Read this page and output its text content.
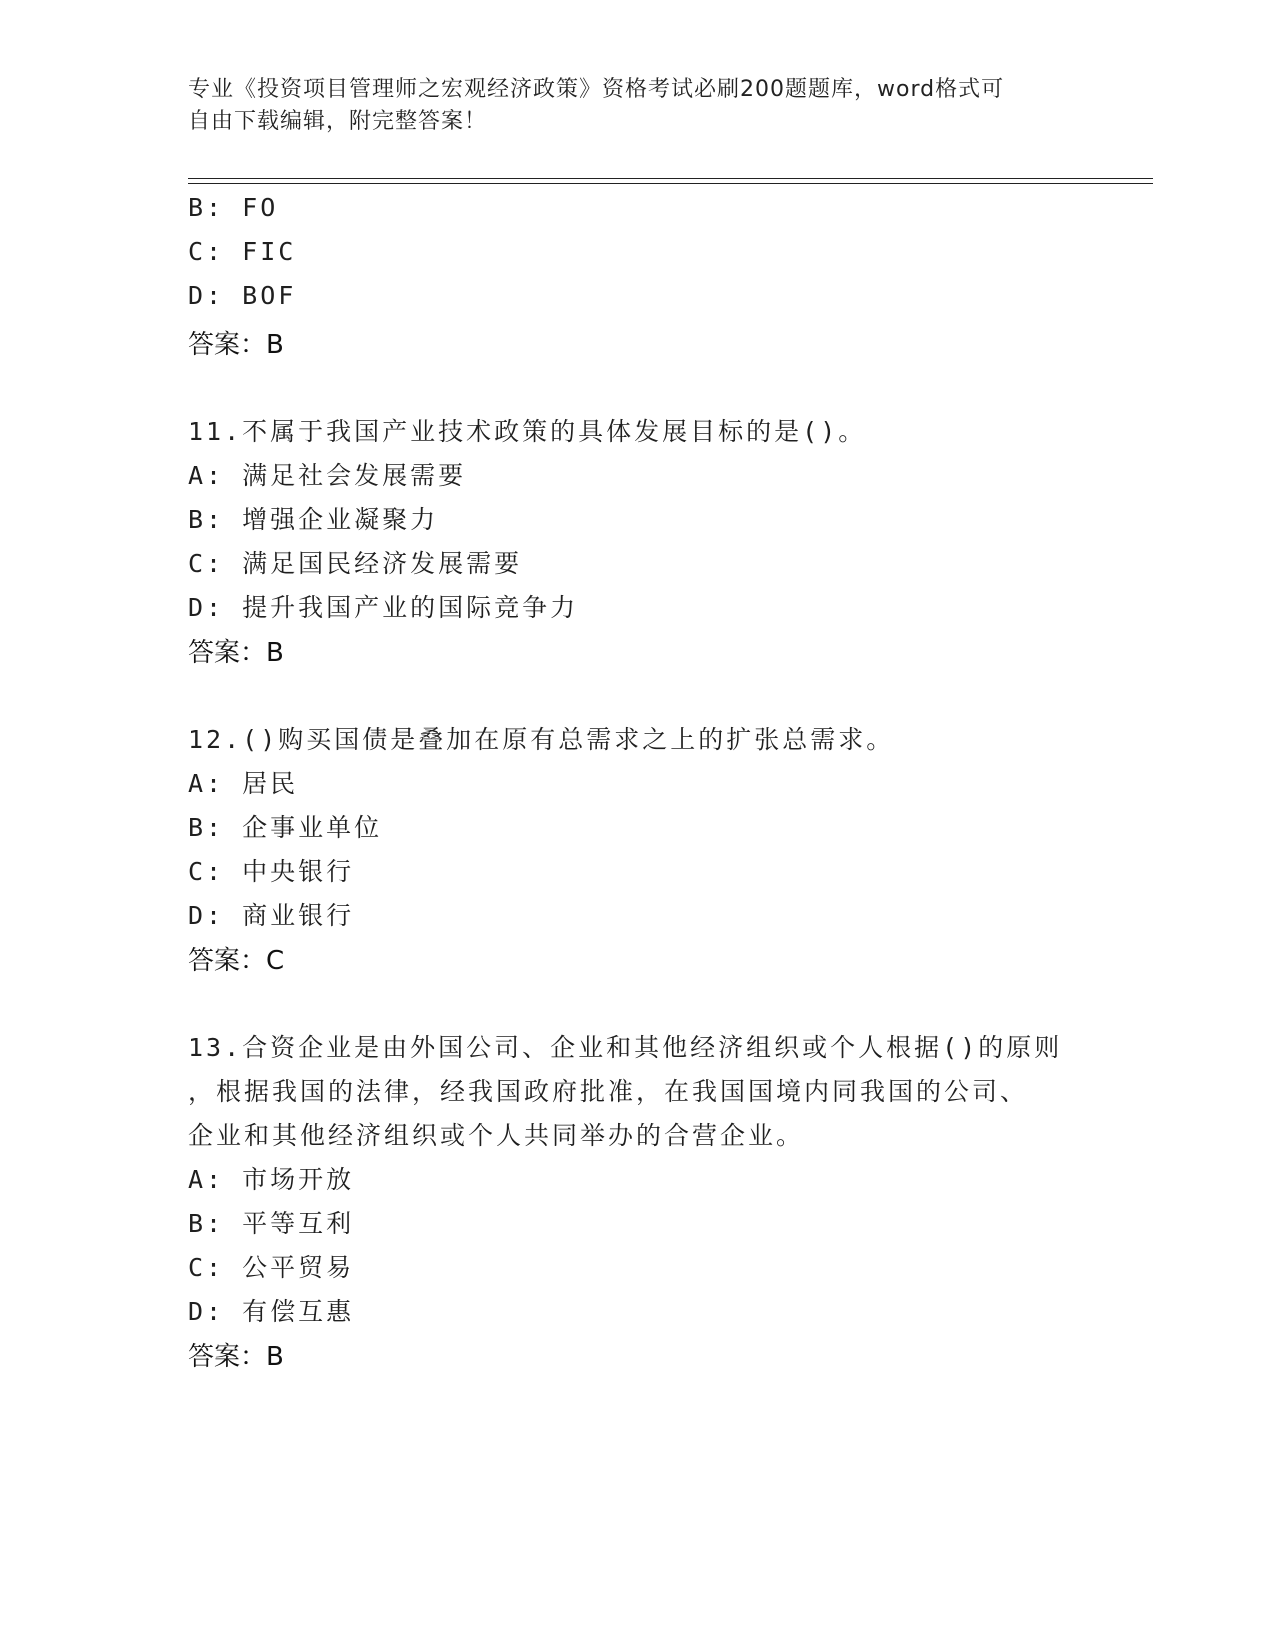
专业《投资项目管理师之宏观经济政策》资格考试必刷200题题库，word格式可
自由下载编辑，附完整答案！
B: FO
C: FIC
D: BOF
答案：B
11.不属于我国产业技术政策的具体发展目标的是()。
A: 满足社会发展需要
B: 增强企业凝聚力
C: 满足国民经济发展需要
D: 提升我国产业的国际竞争力
答案：B
12.()购买国债是叠加在原有总需求之上的扩张总需求。
A: 居民
B: 企事业单位
C: 中央银行
D: 商业银行
答案：C
13.合资企业是由外国公司、企业和其他经济组织或个人根据()的原则
，根据我国的法律，经我国政府批准，在我国国境内同我国的公司、
企业和其他经济组织或个人共同举办的合营企业。
A: 市场开放
B: 平等互利
C: 公平贸易
D: 有偿互惠
答案：B
